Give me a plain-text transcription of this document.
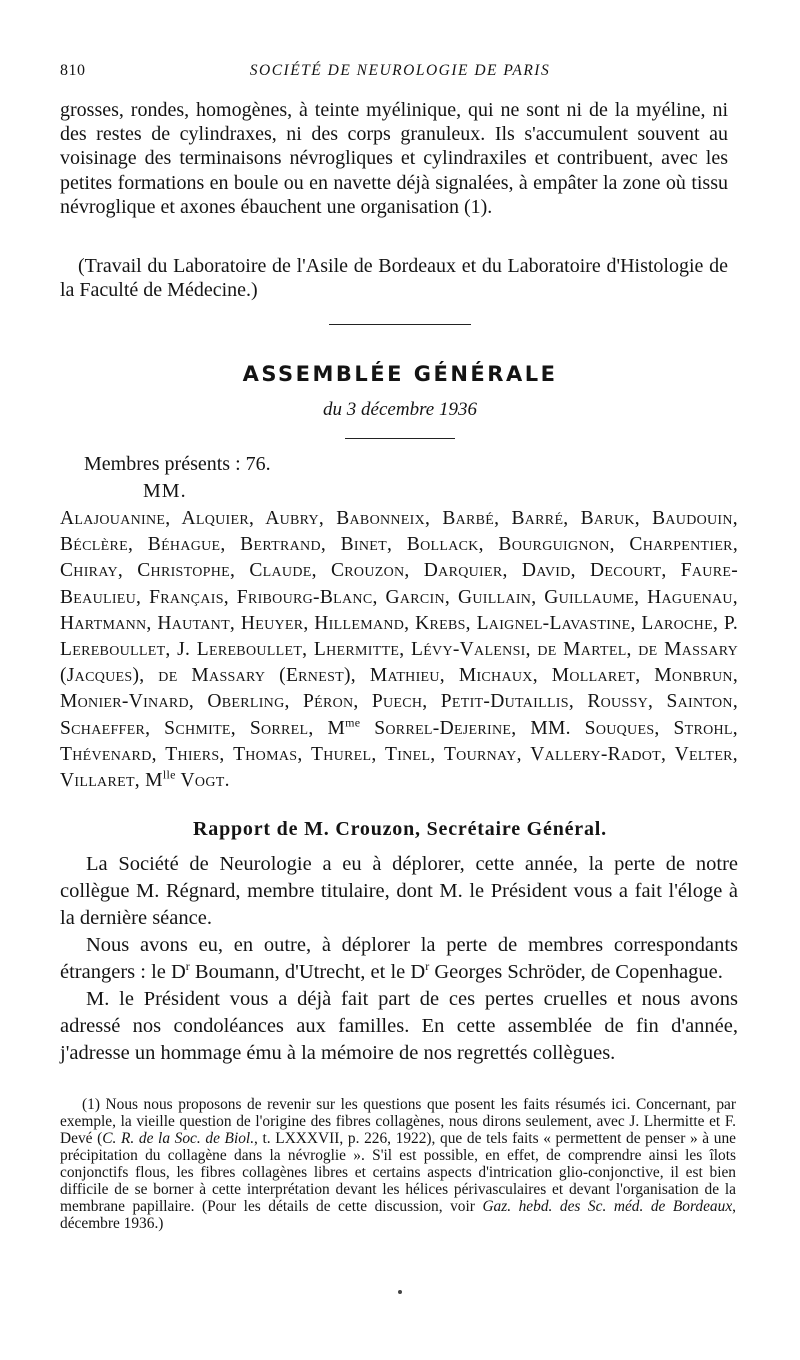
810	SOCIÉTÉ DE NEUROLOGIE DE PARIS
grosses, rondes, homogènes, à teinte myélinique, qui ne sont ni de la myéline, ni des restes de cylindraxes, ni des corps granuleux. Ils s'accumulent souvent au voisinage des terminaisons névrogliques et cylindraxiles et contribuent, avec les petites formations en boule ou en navette déjà signalées, à empâter la zone où tissu névroglique et axones ébauchent une organisation (1).
(Travail du Laboratoire de l'Asile de Bordeaux et du Laboratoire d'Histologie de la Faculté de Médecine.)
ASSEMBLÉE GÉNÉRALE
du 3 décembre 1936
Membres présents : 76.
MM.
Alajouanine, Alquier, Aubry, Babonneix, Barbé, Barré, Baruk, Baudouin, Béclère, Béhague, Bertrand, Binet, Bollack, Bourguignon, Charpentier, Chiray, Christophe, Claude, Crouzon, Darquier, David, Decourt, Faure-Beaulieu, Français, Fribourg-Blanc, Garcin, Guillain, Guillaume, Haguenau, Hartmann, Hautant, Heuyer, Hillemand, Krebs, Laignel-Lavastine, Laroche, P. Lereboullet, J. Lereboullet, Lhermitte, Lévy-Valensi, de Martel, de Massary (Jacques), de Massary (Ernest), Mathieu, Michaux, Mollaret, Monbrun, Monier-Vinard, Oberling, Péron, Puech, Petit-Dutaillis, Roussy, Sainton, Schaeffer, Schmite, Sorrel, $M^{me}$ Sorrel-Dejerine, MM. Souques, Strohl, Thévenard, Thiers, Thomas, Thurel, Tinel, Tournay, Vallery-Radot, Velter, Villaret, $M^{lle}$ Vogt.
Rapport de M. Crouzon, Secrétaire Général.

La Société de Neurologie a eu à déplorer, cette année, la perte de notre collègue M. Régnard, membre titulaire, dont M. le Président vous a fait l'éloge à la dernière séance.

Nous avons eu, en outre, à déplorer la perte de membres correspondants étrangers : le $D^r$ Boumann, d'Utrecht, et le $D^r$ Georges Schröder, de Copenhague.

M. le Président vous a déjà fait part de ces pertes cruelles et nous avons adressé nos condoléances aux familles. En cette assemblée de fin d'année, j'adresse un hommage ému à la mémoire de nos regrettés collègues.

(1) Nous nous proposons de revenir sur les questions que posent les faits résumés ici. Concernant, par exemple, la vieille question de l'origine des fibres collagènes, nous dirons seulement, avec J. Lhermitte et F. Devé (C. R. de la Soc. de Biol., t. LXXXVII, p. 226, 1922), que de tels faits « permettent de penser » à une précipitation du collagène dans la névroglie ». S'il est possible, en effet, de comprendre ainsi les îlots conjonctifs flous, les fibres collagènes libres et certains aspects d'intrication glio-conjonctive, il est bien difficile de se borner à cette interprétation devant les hélices périvasculaires et devant l'organisation de la membrane papillaire. (Pour les détails de cette discussion, voir Gaz. hebd. des Sc. méd. de Bordeaux, décembre 1936.)
